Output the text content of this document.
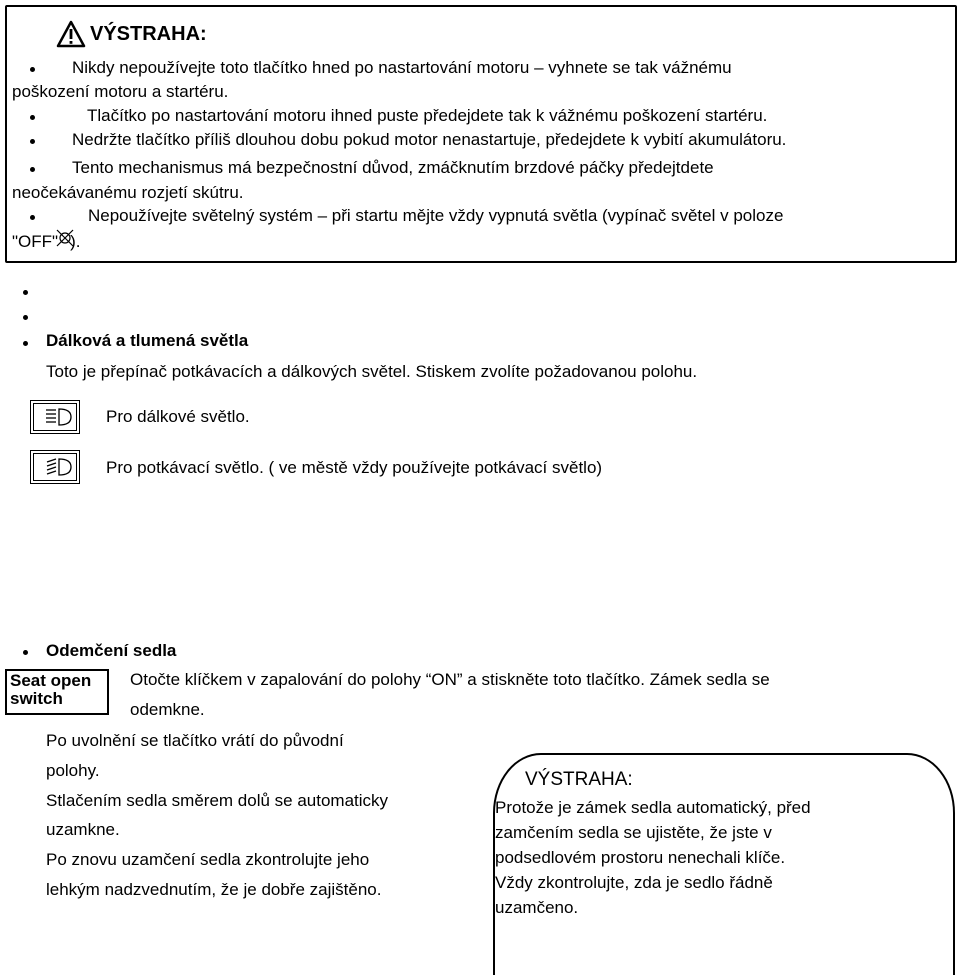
VÝSTRAHA:
Nikdy nepoužívejte toto tlačítko hned po nastartování motoru – vyhnete se tak vážnému
poškození motoru a startéru.
Tlačítko po nastartování motoru ihned puste předejdete tak k vážnému poškození startéru.
Nedržte tlačítko příliš dlouhou dobu pokud motor nenastartuje, předejdete k vybití akumulátoru.
Tento mechanismus má bezpečnostní důvod, zmáčknutím brzdové páčky předejtdete
neočekávanému rozjetí skútru.
Nepoužívejte světelný systém – při startu mějte vždy vypnutá světla (vypínač světel v poloze
"OFF" ).
Dálková a tlumená světla
Toto je přepínač potkávacích a dálkových světel. Stiskem zvolíte požadovanou polohu.
Pro dálkové světlo.
Pro potkávací světlo. ( ve městě vždy používejte potkávací světlo)
Odemčení sedla
Seat open
switch
Otočte klíčkem v zapalování do polohy “ON” a stiskněte toto tlačítko. Zámek sedla se
odemkne.
Po uvolnění se tlačítko vrátí do původní
polohy.
Stlačením sedla směrem dolů se automaticky
uzamkne.
Po znovu uzamčení sedla zkontrolujte jeho
lehkým nadzvednutím, že je dobře zajištěno.
VÝSTRAHA:
Protože je zámek sedla automatický, před
zamčením sedla se ujistěte, že jste v
podsedlovém prostoru nenechali klíče.
Vždy zkontrolujte, zda je sedlo řádně
uzamčeno.
